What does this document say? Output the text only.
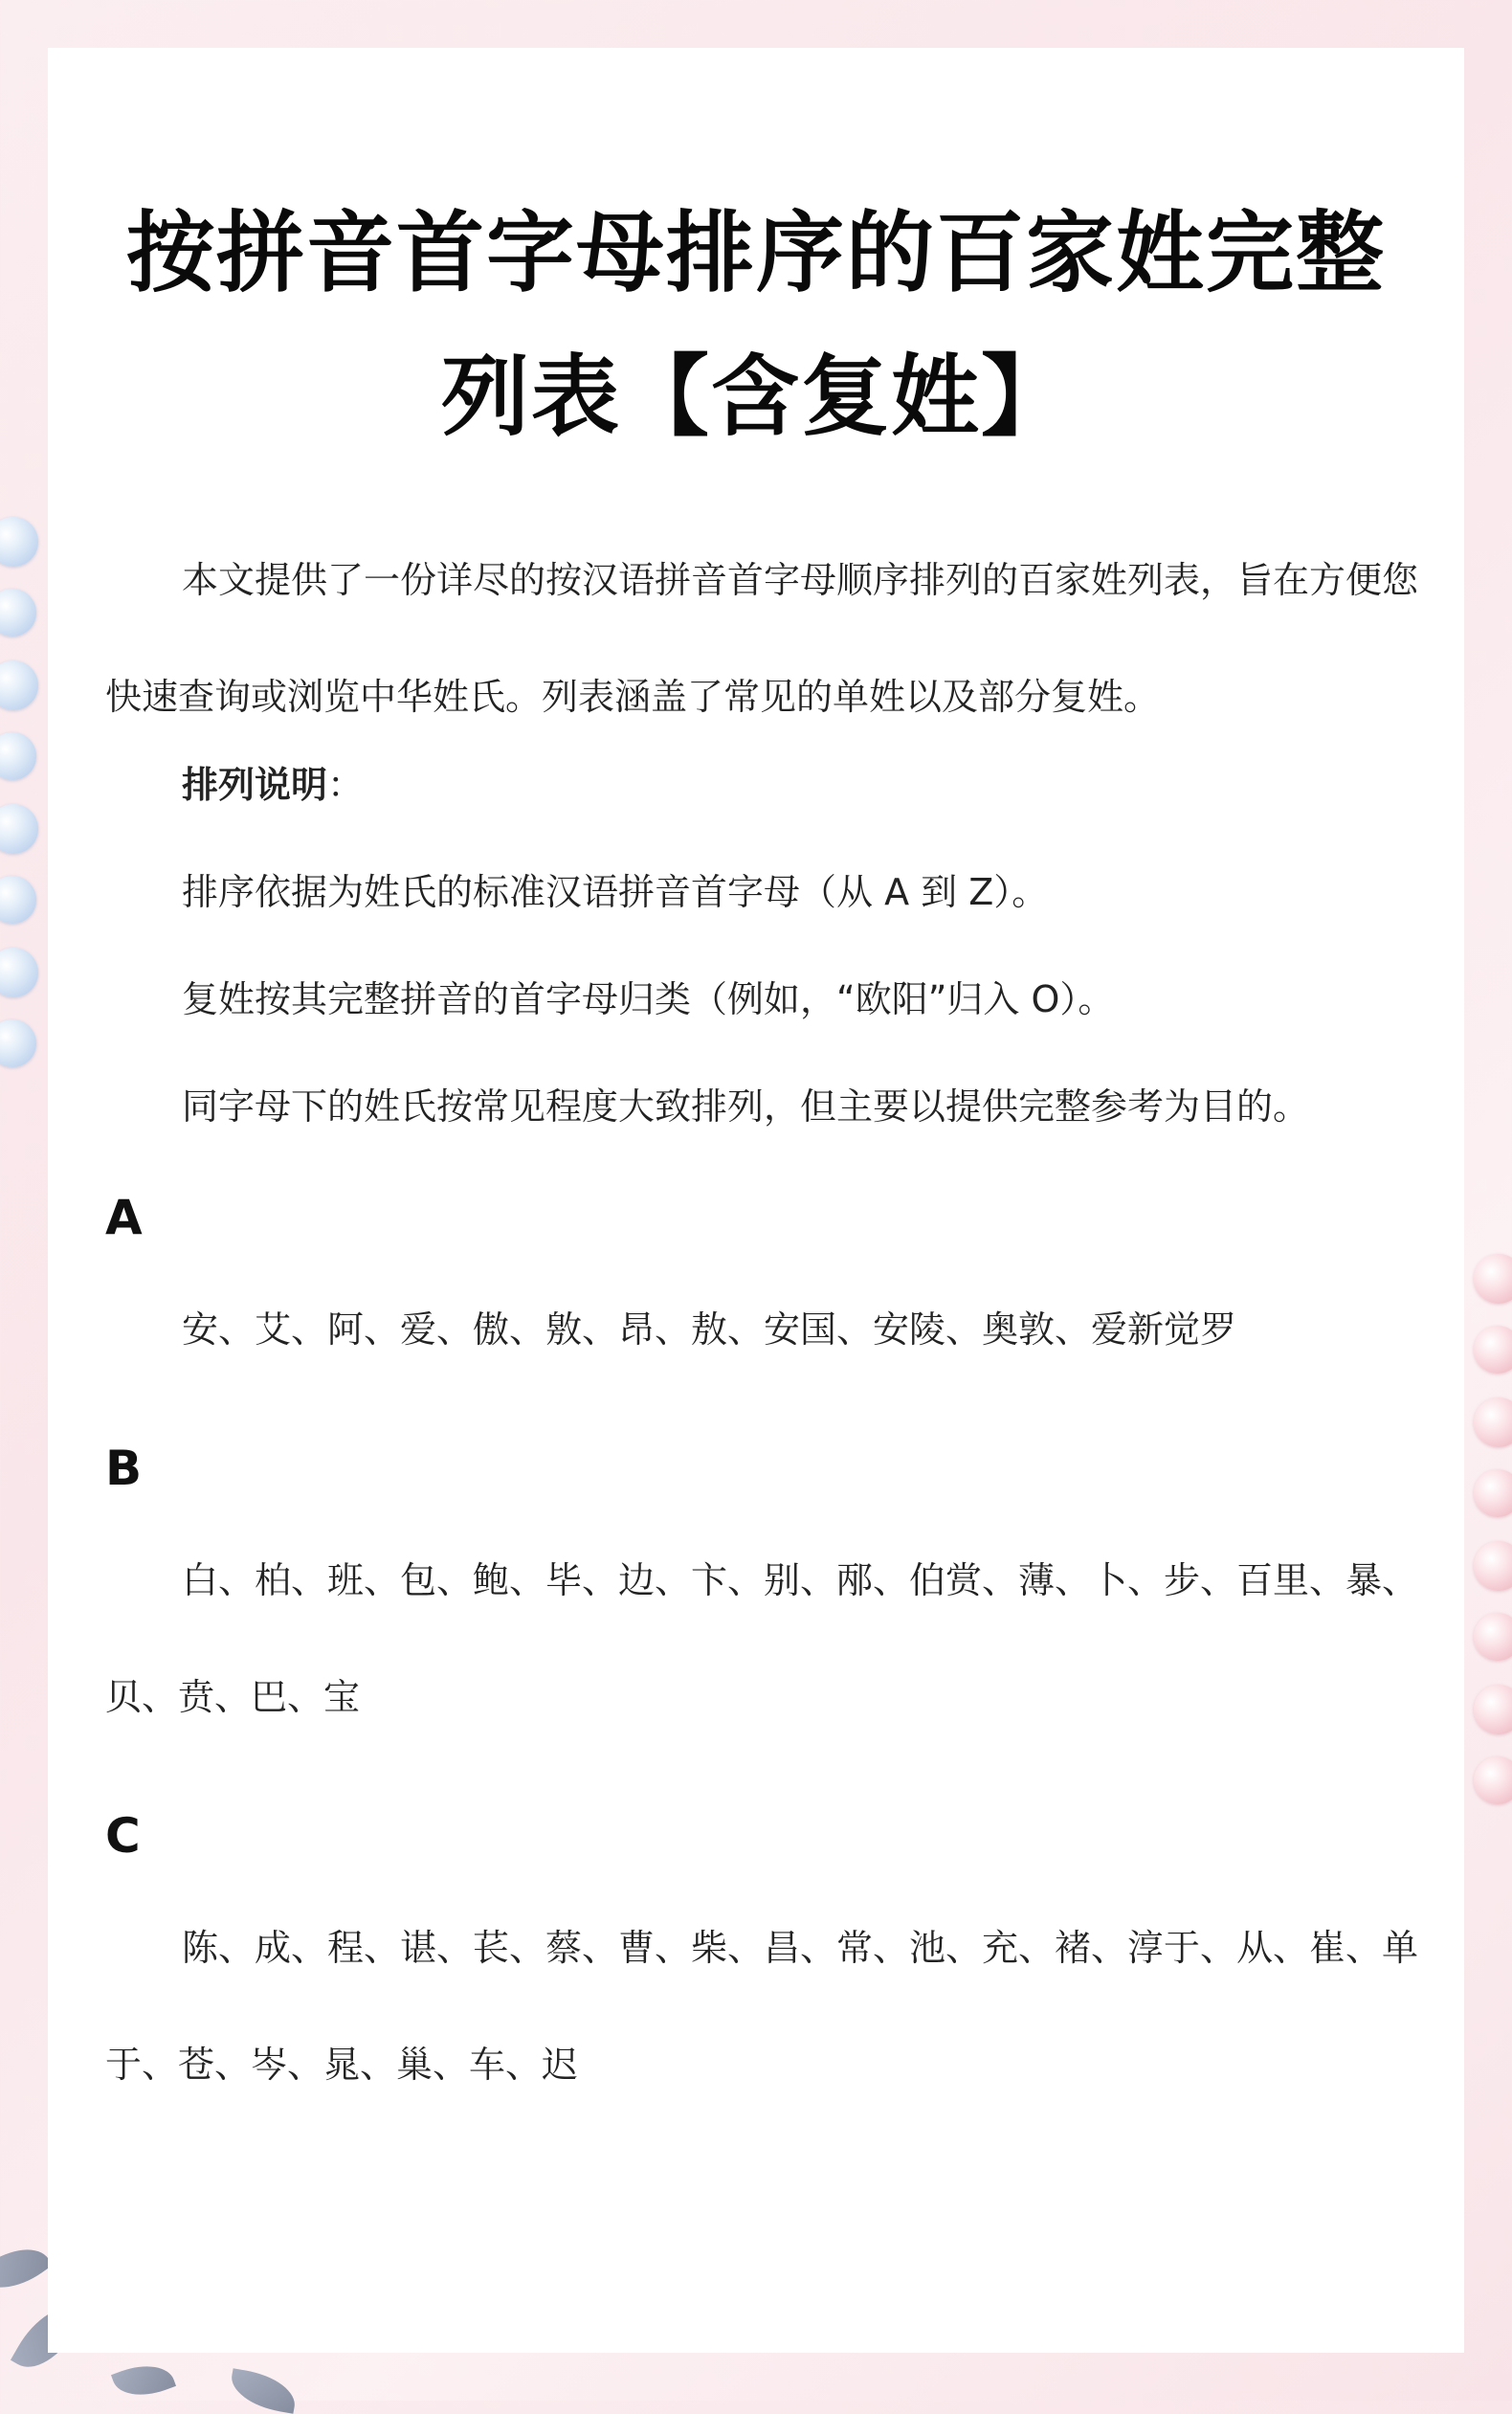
按拼音首字母排序的百家姓完整列表【含复姓】

本文提供了一份详尽的按汉语拼音首字母顺序排列的百家姓列表，旨在方便您快速查询或浏览中华姓氏。列表涵盖了常见的单姓以及部分复姓。

排列说明：

排序依据为姓氏的标准汉语拼音首字母（从 A 到 Z）。

复姓按其完整拼音的首字母归类（例如，“欧阳”归入 O）。

同字母下的姓氏按常见程度大致排列，但主要以提供完整参考为目的。

A

安、艾、阿、爱、傲、敫、昂、敖、安国、安陵、奥敦、爱新觉罗

B

白、柏、班、包、鲍、毕、边、卞、别、邴、伯赏、薄、卜、步、百里、暴、贝、贲、巴、宝

C

陈、成、程、谌、苌、蔡、曹、柴、昌、常、池、充、褚、淳于、从、崔、单于、苍、岑、晁、巢、车、迟
